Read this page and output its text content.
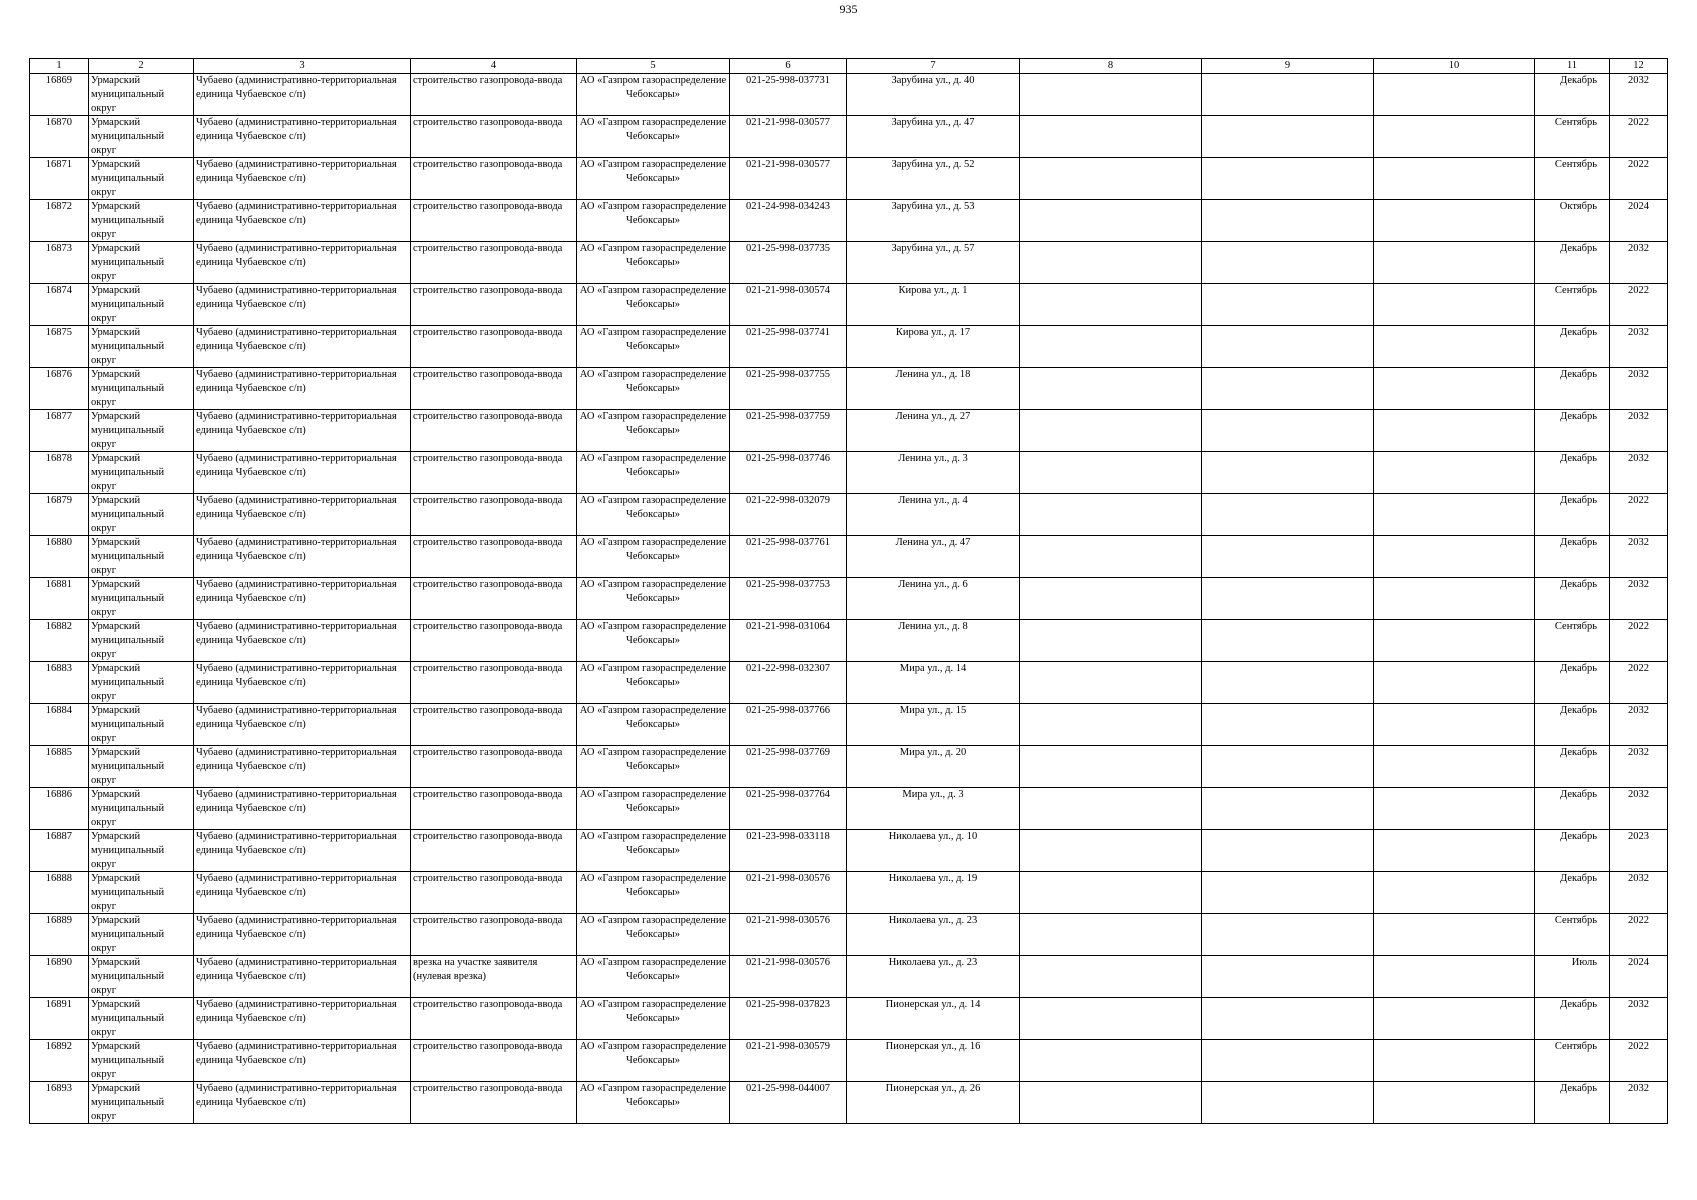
935
1	2	3	4	5	6	7	8	9	10	11	12

16869	Урмарский муниципальный округ	Чубаево (административно-территориальная единица Чубаевское с/п)	строительство газопровода-ввода	АО «Газпром газораспределение Чебоксары»	021-25-998-037731	Зарубина ул., д. 40				Декабрь	2032

16870	Урмарский муниципальный округ	Чубаево (административно-территориальная единица Чубаевское с/п)	строительство газопровода-ввода	АО «Газпром газораспределение Чебоксары»	021-21-998-030577	Зарубина ул., д. 47				Сентябрь	2022

16871	Урмарский муниципальный округ	Чубаево (административно-территориальная единица Чубаевское с/п)	строительство газопровода-ввода	АО «Газпром газораспределение Чебоксары»	021-21-998-030577	Зарубина ул., д. 52				Сентябрь	2022

16872	Урмарский муниципальный округ	Чубаево (административно-территориальная единица Чубаевское с/п)	строительство газопровода-ввода	АО «Газпром газораспределение Чебоксары»	021-24-998-034243	Зарубина ул., д. 53				Октябрь	2024

16873	Урмарский муниципальный округ	Чубаево (административно-территориальная единица Чубаевское с/п)	строительство газопровода-ввода	АО «Газпром газораспределение Чебоксары»	021-25-998-037735	Зарубина ул., д. 57				Декабрь	2032

16874	Урмарский муниципальный округ	Чубаево (административно-территориальная единица Чубаевское с/п)	строительство газопровода-ввода	АО «Газпром газораспределение Чебоксары»	021-21-998-030574	Кирова ул., д. 1				Сентябрь	2022

16875	Урмарский муниципальный округ	Чубаево (административно-территориальная единица Чубаевское с/п)	строительство газопровода-ввода	АО «Газпром газораспределение Чебоксары»	021-25-998-037741	Кирова ул., д. 17				Декабрь	2032

16876	Урмарский муниципальный округ	Чубаево (административно-территориальная единица Чубаевское с/п)	строительство газопровода-ввода	АО «Газпром газораспределение Чебоксары»	021-25-998-037755	Ленина ул., д. 18				Декабрь	2032

16877	Урмарский муниципальный округ	Чубаево (административно-территориальная единица Чубаевское с/п)	строительство газопровода-ввода	АО «Газпром газораспределение Чебоксары»	021-25-998-037759	Ленина ул., д. 27				Декабрь	2032

16878	Урмарский муниципальный округ	Чубаево (административно-территориальная единица Чубаевское с/п)	строительство газопровода-ввода	АО «Газпром газораспределение Чебоксары»	021-25-998-037746	Ленина ул., д. 3				Декабрь	2032

16879	Урмарский муниципальный округ	Чубаево (административно-территориальная единица Чубаевское с/п)	строительство газопровода-ввода	АО «Газпром газораспределение Чебоксары»	021-22-998-032079	Ленина ул., д. 4				Декабрь	2022

16880	Урмарский муниципальный округ	Чубаево (административно-территориальная единица Чубаевское с/п)	строительство газопровода-ввода	АО «Газпром газораспределение Чебоксары»	021-25-998-037761	Ленина ул., д. 47				Декабрь	2032

16881	Урмарский муниципальный округ	Чубаево (административно-территориальная единица Чубаевское с/п)	строительство газопровода-ввода	АО «Газпром газораспределение Чебоксары»	021-25-998-037753	Ленина ул., д. 6				Декабрь	2032

16882	Урмарский муниципальный округ	Чубаево (административно-территориальная единица Чубаевское с/п)	строительство газопровода-ввода	АО «Газпром газораспределение Чебоксары»	021-21-998-031064	Ленина ул., д. 8				Сентябрь	2022

16883	Урмарский муниципальный округ	Чубаево (административно-территориальная единица Чубаевское с/п)	строительство газопровода-ввода	АО «Газпром газораспределение Чебоксары»	021-22-998-032307	Мира ул., д. 14				Декабрь	2022

16884	Урмарский муниципальный округ	Чубаево (административно-территориальная единица Чубаевское с/п)	строительство газопровода-ввода	АО «Газпром газораспределение Чебоксары»	021-25-998-037766	Мира ул., д. 15				Декабрь	2032

16885	Урмарский муниципальный округ	Чубаево (административно-территориальная единица Чубаевское с/п)	строительство газопровода-ввода	АО «Газпром газораспределение Чебоксары»	021-25-998-037769	Мира ул., д. 20				Декабрь	2032

16886	Урмарский муниципальный округ	Чубаево (административно-территориальная единица Чубаевское с/п)	строительство газопровода-ввода	АО «Газпром газораспределение Чебоксары»	021-25-998-037764	Мира ул., д. 3				Декабрь	2032

16887	Урмарский муниципальный округ	Чубаево (административно-территориальная единица Чубаевское с/п)	строительство газопровода-ввода	АО «Газпром газораспределение Чебоксары»	021-23-998-033118	Николаева ул., д. 10				Декабрь	2023

16888	Урмарский муниципальный округ	Чубаево (административно-территориальная единица Чубаевское с/п)	строительство газопровода-ввода	АО «Газпром газораспределение Чебоксары»	021-21-998-030576	Николаева ул., д. 19				Декабрь	2032

16889	Урмарский муниципальный округ	Чубаево (административно-территориальная единица Чубаевское с/п)	строительство газопровода-ввода	АО «Газпром газораспределение Чебоксары»	021-21-998-030576	Николаева ул., д. 23				Сентябрь	2022

16890	Урмарский муниципальный округ	Чубаево (административно-территориальная единица Чубаевское с/п)	врезка на участке заявителя (нулевая врезка)	АО «Газпром газораспределение Чебоксары»	021-21-998-030576	Николаева ул., д. 23				Июль	2024

16891	Урмарский муниципальный округ	Чубаево (административно-территориальная единица Чубаевское с/п)	строительство газопровода-ввода	АО «Газпром газораспределение Чебоксары»	021-25-998-037823	Пионерская ул., д. 14				Декабрь	2032

16892	Урмарский муниципальный округ	Чубаево (административно-территориальная единица Чубаевское с/п)	строительство газопровода-ввода	АО «Газпром газораспределение Чебоксары»	021-21-998-030579	Пионерская ул., д. 16				Сентябрь	2022

16893	Урмарский муниципальный округ	Чубаево (административно-территориальная единица Чубаевское с/п)	строительство газопровода-ввода	АО «Газпром газораспределение Чебоксары»	021-25-998-044007	Пионерская ул., д. 26				Декабрь	2032
